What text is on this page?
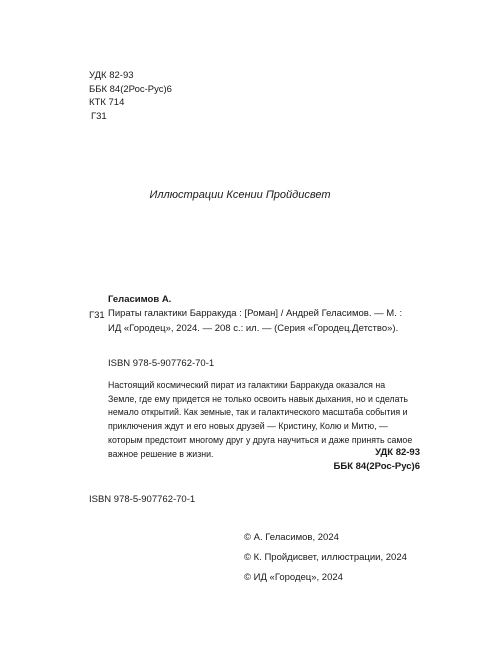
УДК 82-93
ББК 84(2Рос-Рус)6
КТК 714
Г31
Иллюстрации Ксении Пройдисвет
Геласимов А.
Г31 Пираты галактики Барракуда : [Роман] / Андрей Геласимов. — М. : ИД «Городец», 2024. — 208 с.: ил. — (Серия «Городец.Детство»).
ISBN 978-5-907762-70-1

Настоящий космический пират из галактики Барракуда оказался на Земле, где ему придется не только освоить навык дыхания, но и сделать немало открытий. Как земные, так и галактического масштаба события и приключения ждут и его новых друзей — Кристину, Колю и Митю, — которым предстоит многому друг у друга научиться и даже принять самое важное решение в жизни.	УДК 82-93
ББК 84(2Рос-Рус)6
ISBN 978-5-907762-70-1
© А. Геласимов, 2024
© К. Пройдисвет, иллюстрации, 2024
© ИД «Городец», 2024
